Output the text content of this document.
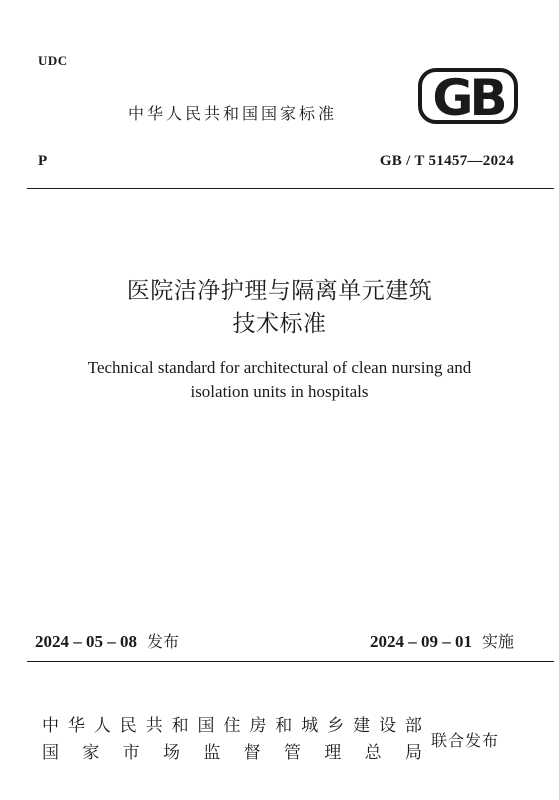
UDC
中华人民共和国国家标准 GB
P	GB / T 51457—2024
医院洁净护理与隔离单元建筑
技术标准
Technical standard for architectural of clean nursing and
isolation units in hospitals
2024 – 05 – 08 发布	2024 – 09 – 01 实施
中 华 人 民 共 和 国 住 房 和 城 乡 建 设 部
国 家 市 场 监 督 管 理 总 局
联合发布
